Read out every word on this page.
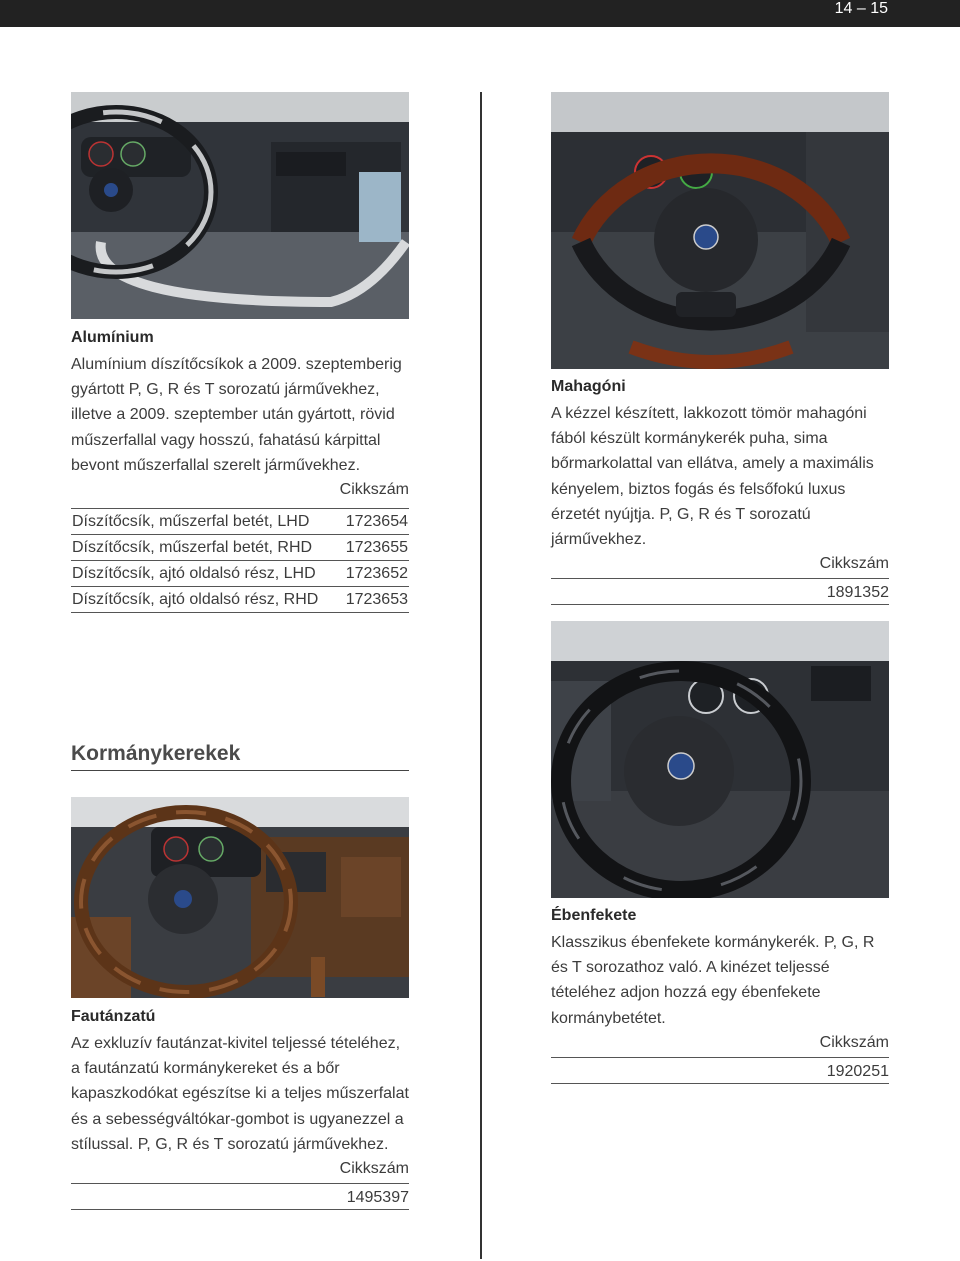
14 – 15
Alumínium
Alumínium díszítőcsíkok a 2009. szeptemberig gyártott P, G, R és T sorozatú járművekhez, illetve a 2009. szeptember után gyártott, rövid műszerfallal vagy hosszú, fahatású kárpittal bevont műszerfallal szerelt járművekhez.
Cikkszám
Díszítőcsík, műszerfal betét, LHD 1723654
Díszítőcsík, műszerfal betét, RHD 1723655
Díszítőcsík, ajtó oldalsó rész, LHD 1723652
Díszítőcsík, ajtó oldalsó rész, RHD 1723653
Kormánykerekek
Fautánzatú
Az exkluzív fautánzat-kivitel teljessé tételéhez, a fautánzatú kormánykereket és a bőr kapaszkodókat egészítse ki a teljes műszerfalat és a sebességváltókar-gombot is ugyanezzel a stílussal. P, G, R és T sorozatú járművekhez.
Cikkszám
1495397
Mahagóni
A kézzel készített, lakkozott tömör mahagóni fából készült kormánykerék puha, sima bőrmarkolattal van ellátva, amely a maximális kényelem, biztos fogás és felsőfokú luxus érzetét nyújtja. P, G, R és T sorozatú járművekhez.
Cikkszám
1891352
Ébenfekete
Klasszikus ébenfekete kormánykerék. P, G, R és T sorozathoz való. A kinézet teljessé tételéhez adjon hozzá egy ébenfekete kormánybetétet.
Cikkszám
1920251
